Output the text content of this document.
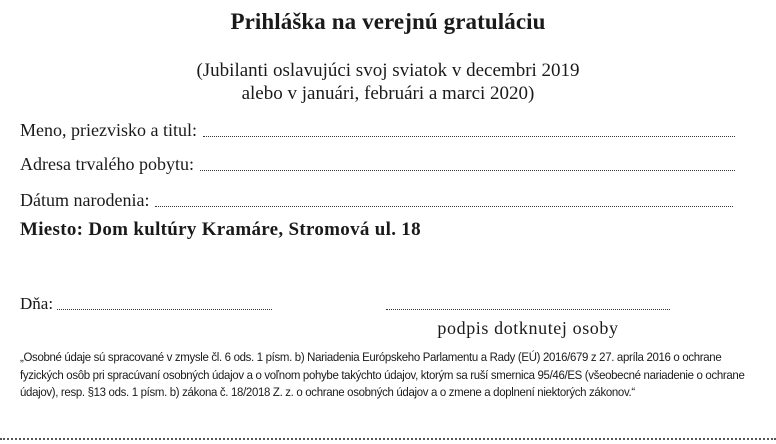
Prihláška na verejnú gratuláciu
(Jubilanti oslavujúci svoj sviatok v decembri 2019
alebo v januári, februári a marci 2020)
Meno, priezvisko a titul:
Adresa trvalého pobytu:
Dátum narodenia:
Miesto: Dom kultúry Kramáre, Stromová ul. 18
Dňa:
podpis dotknutej osoby
„Osobné údaje sú spracované v zmysle čl. 6 ods. 1 písm. b) Nariadenia Európskeho Parlamentu a Rady (EÚ) 2016/679 z 27. apríla 2016 o ochrane fyzických osôb pri spracúvaní osobných údajov a o voľnom pohybe takýchto údajov, ktorým sa ruší smernica 95/46/ES (všeobecné nariadenie o ochrane údajov), resp. §13 ods. 1 písm. b) zákona č. 18/2018 Z. z. o ochrane osobných údajov a o zmene a doplnení niektorých zákonov.“
